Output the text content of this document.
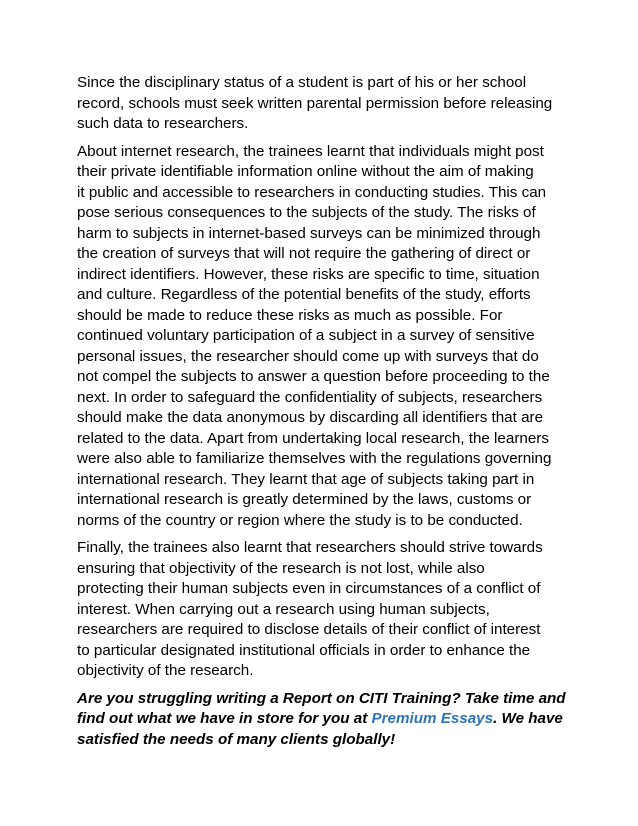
Since the disciplinary status of a student is part of his or her school
record, schools must seek written parental permission before releasing
such data to researchers.

About internet research, the trainees learnt that individuals might post
their private identifiable information online without the aim of making
it public and accessible to researchers in conducting studies. This can
pose serious consequences to the subjects of the study. The risks of
harm to subjects in internet-based surveys can be minimized through
the creation of surveys that will not require the gathering of direct or
indirect identifiers. However, these risks are specific to time, situation
and culture. Regardless of the potential benefits of the study, efforts
should be made to reduce these risks as much as possible. For
continued voluntary participation of a subject in a survey of sensitive
personal issues, the researcher should come up with surveys that do
not compel the subjects to answer a question before proceeding to the
next. In order to safeguard the confidentiality of subjects, researchers
should make the data anonymous by discarding all identifiers that are
related to the data. Apart from undertaking local research, the learners
were also able to familiarize themselves with the regulations governing
international research. They learnt that age of subjects taking part in
international research is greatly determined by the laws, customs or
norms of the country or region where the study is to be conducted.

Finally, the trainees also learnt that researchers should strive towards
ensuring that objectivity of the research is not lost, while also
protecting their human subjects even in circumstances of a conflict of
interest. When carrying out a research using human subjects,
researchers are required to disclose details of their conflict of interest
to particular designated institutional officials in order to enhance the
objectivity of the research.

Are you struggling writing a Report on CITI Training? Take time and
find out what we have in store for you at Premium Essays. We have
satisfied the needs of many clients globally!
